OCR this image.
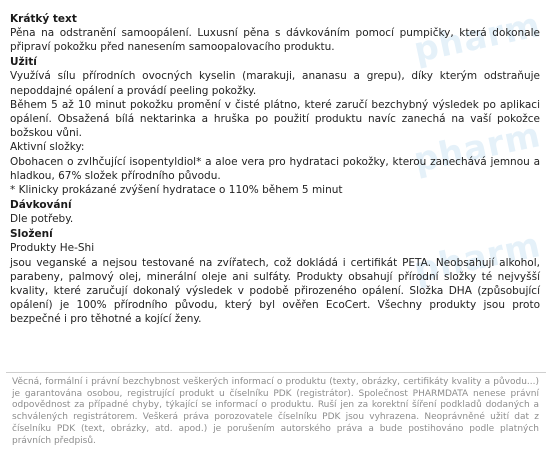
pharm
pharm
pharm
Krátký text

Pěna na odstranění samoopálení. Luxusní pěna s dávkováním pomocí pumpičky, která dokonale připraví pokožku před nanesením samoopalovacího produktu.

Užití

Využívá sílu přírodních ovocných kyselin (marakuji, ananasu a grepu), díky kterým odstraňuje nepoddajné opálení a provádí peeling pokožky.

Během 5 až 10 minut pokožku promění v čisté plátno, které zaručí bezchybný výsledek po aplikaci opálení. Obsažená bílá nektarinka a hruška po použití produktu navíc zanechá na vaší pokožce božskou vůni.

Aktivní složky:

Obohacen o zvlhčující isopentyldiol* a aloe vera pro hydrataci pokožky, kterou zanechává jemnou a hladkou, 67% složek přírodního původu.

* Klinicky prokázané zvýšení hydratace o 110% během 5 minut

Dávkování

Dle potřeby.

Složení

Produkty He-Shi

jsou veganské a nejsou testované na zvířatech, což dokládá i certifikát PETA. Neobsahují alkohol, parabeny, palmový olej, minerální oleje ani sulfáty. Produkty obsahují přírodní složky té nejvyšší kvality, které zaručují dokonalý výsledek v podobě přirozeného opálení. Složka DHA (způsobující opálení) je 100% přírodního původu, který byl ověřen EcoCert. Všechny produkty jsou proto bezpečné i pro těhotné a kojící ženy.

Věcná, formální i právní bezchybnost veškerých informací o produktu (texty, obrázky, certifikáty kvality a původu...) je garantována osobou, registrující produkt u číselníku PDK (registrátor). Společnost PHARMDATA nenese právní odpovědnost za případné chyby, týkající se informací o produktu. Ruší jen za korektní šíření podkladů dodaných a schválených registrátorem. Veškerá práva porozovatele číselníku PDK jsou vyhrazena. Neoprávněné užití dat z číselníku PDK (text, obrázky, atd. apod.) je porušením autorského práva a bude postihováno podle platných právních předpisů.
